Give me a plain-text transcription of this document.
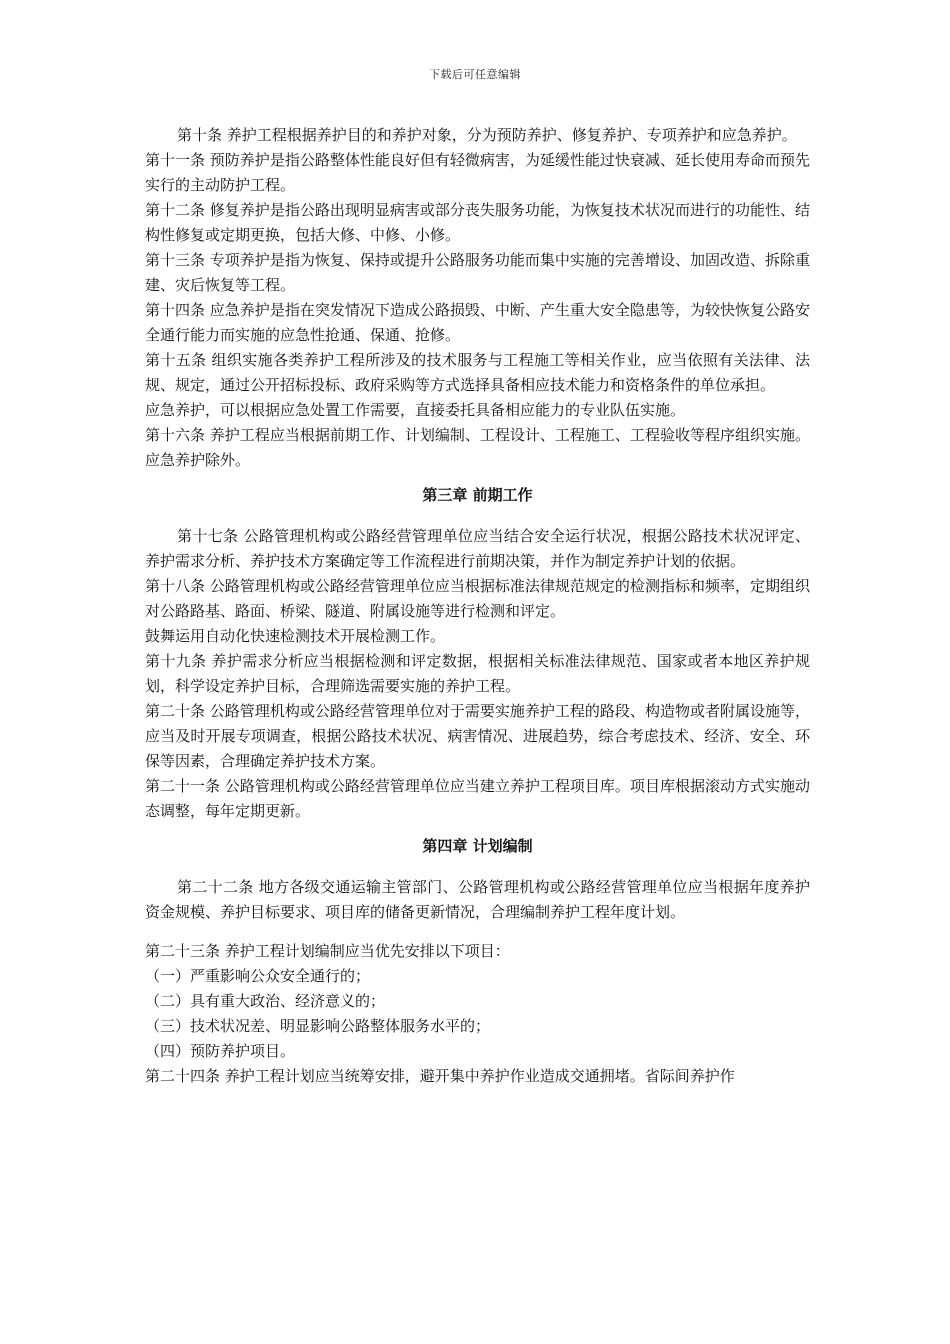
下载后可任意编辑

第十条 养护工程根据养护目的和养护对象，分为预防养护、修复养护、专项养护和应急养护。

第十一条 预防养护是指公路整体性能良好但有轻微病害，为延缓性能过快衰减、延长使用寿命而预先实行的主动防护工程。

第十二条 修复养护是指公路出现明显病害或部分丧失服务功能，为恢复技术状况而进行的功能性、结构性修复或定期更换，包括大修、中修、小修。

第十三条 专项养护是指为恢复、保持或提升公路服务功能而集中实施的完善增设、加固改造、拆除重建、灾后恢复等工程。

第十四条 应急养护是指在突发情况下造成公路损毁、中断、产生重大安全隐患等，为较快恢复公路安全通行能力而实施的应急性抢通、保通、抢修。

第十五条 组织实施各类养护工程所涉及的技术服务与工程施工等相关作业，应当依照有关法律、法规、规定，通过公开招标投标、政府采购等方式选择具备相应技术能力和资格条件的单位承担。

应急养护，可以根据应急处置工作需要，直接委托具备相应能力的专业队伍实施。

第十六条 养护工程应当根据前期工作、计划编制、工程设计、工程施工、工程验收等程序组织实施。应急养护除外。

第三章 前期工作

第十七条 公路管理机构或公路经营管理单位应当结合安全运行状况，根据公路技术状况评定、养护需求分析、养护技术方案确定等工作流程进行前期决策，并作为制定养护计划的依据。

第十八条 公路管理机构或公路经营管理单位应当根据标准法律规范规定的检测指标和频率，定期组织对公路路基、路面、桥梁、隧道、附属设施等进行检测和评定。

鼓舞运用自动化快速检测技术开展检测工作。

第十九条 养护需求分析应当根据检测和评定数据，根据相关标准法律规范、国家或者本地区养护规划，科学设定养护目标，合理筛选需要实施的养护工程。

第二十条 公路管理机构或公路经营管理单位对于需要实施养护工程的路段、构造物或者附属设施等，应当及时开展专项调查，根据公路技术状况、病害情况、进展趋势，综合考虑技术、经济、安全、环保等因素，合理确定养护技术方案。

第二十一条 公路管理机构或公路经营管理单位应当建立养护工程项目库。项目库根据滚动方式实施动态调整，每年定期更新。

第四章 计划编制

第二十二条 地方各级交通运输主管部门、公路管理机构或公路经营管理单位应当根据年度养护资金规模、养护目标要求、项目库的储备更新情况，合理编制养护工程年度计划。

第二十三条 养护工程计划编制应当优先安排以下项目：

（一）严重影响公众安全通行的；

（二）具有重大政治、经济意义的；

（三）技术状况差、明显影响公路整体服务水平的；

（四）预防养护项目。

第二十四条 养护工程计划应当统筹安排，避开集中养护作业造成交通拥堵。省际间养护作
